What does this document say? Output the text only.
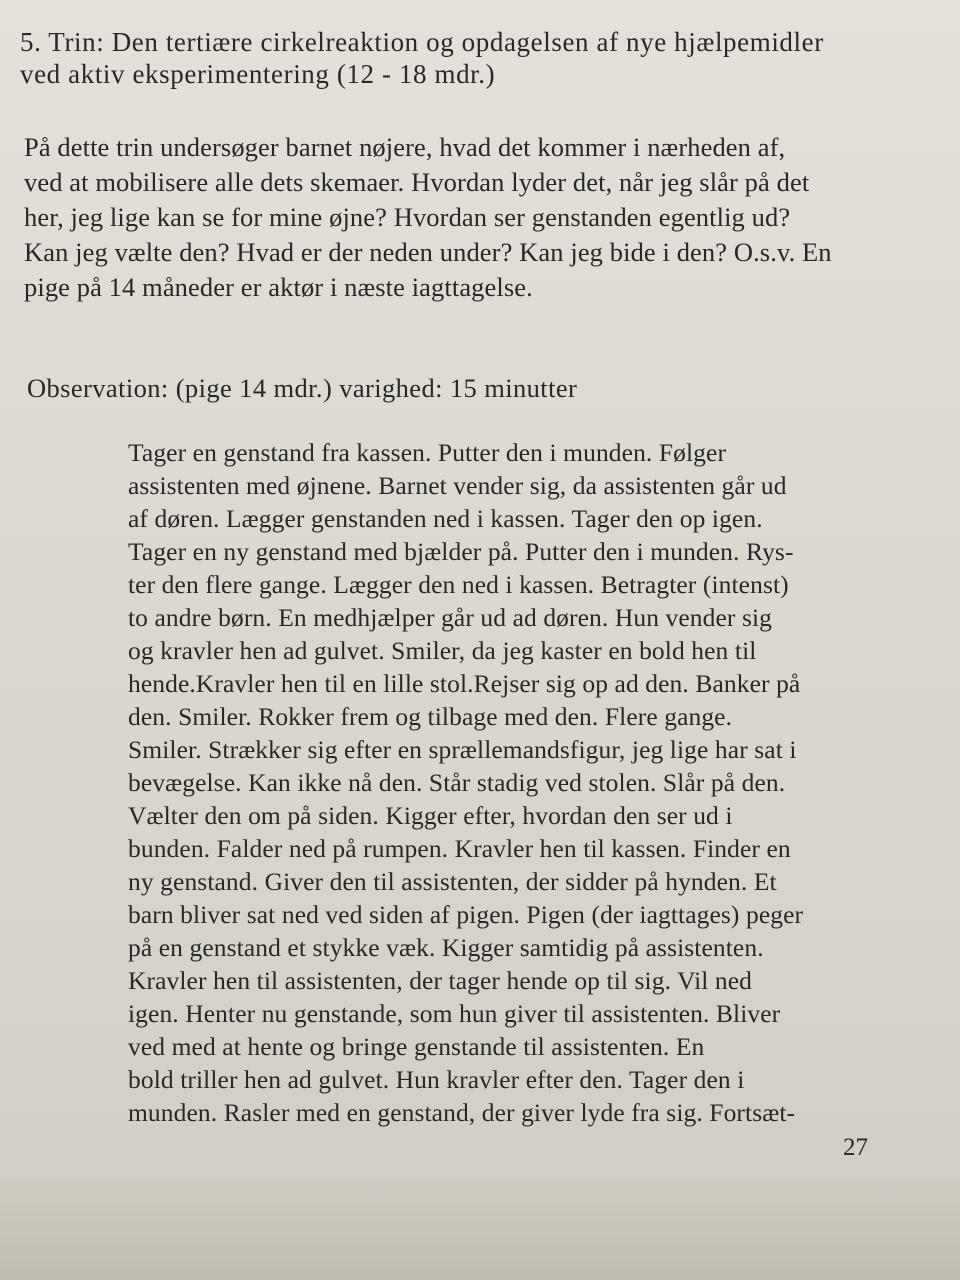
5. Trin: Den tertiære cirkelreaktion og opdagelsen af nye hjælpemidler
ved aktiv eksperimentering (12 - 18 mdr.)
På dette trin undersøger barnet nøjere, hvad det kommer i nærheden af,
ved at mobilisere alle dets skemaer. Hvordan lyder det, når jeg slår på det
her, jeg lige kan se for mine øjne? Hvordan ser genstanden egentlig ud?
Kan jeg vælte den? Hvad er der neden under? Kan jeg bide i den? O.s.v. En
pige på 14 måneder er aktør i næste iagttagelse.
Observation: (pige 14 mdr.) varighed: 15 minutter
Tager en genstand fra kassen. Putter den i munden. Følger
assistenten med øjnene. Barnet vender sig, da assistenten går ud
af døren. Lægger genstanden ned i kassen. Tager den op igen.
Tager en ny genstand med bjælder på. Putter den i munden. Rys-
ter den flere gange. Lægger den ned i kassen. Betragter (intenst)
to andre børn. En medhjælper går ud ad døren. Hun vender sig
og kravler hen ad gulvet. Smiler, da jeg kaster en bold hen til
hende.Kravler hen til en lille stol.Rejser sig op ad den. Banker på
den. Smiler. Rokker frem og tilbage med den. Flere gange.
Smiler. Strækker sig efter en sprællemandsfigur, jeg lige har sat i
bevægelse. Kan ikke nå den. Står stadig ved stolen. Slår på den.
Vælter den om på siden. Kigger efter, hvordan den ser ud i
bunden. Falder ned på rumpen. Kravler hen til kassen. Finder en
ny genstand. Giver den til assistenten, der sidder på hynden. Et
barn bliver sat ned ved siden af pigen. Pigen (der iagttages) peger
på en genstand et stykke væk. Kigger samtidig på assistenten.
Kravler hen til assistenten, der tager hende op til sig. Vil ned
igen. Henter nu genstande, som hun giver til assistenten. Bliver
ved med at hente og bringe genstande til assistenten. En
bold triller hen ad gulvet. Hun kravler efter den. Tager den i
munden. Rasler med en genstand, der giver lyde fra sig. Fortsæt-
27
